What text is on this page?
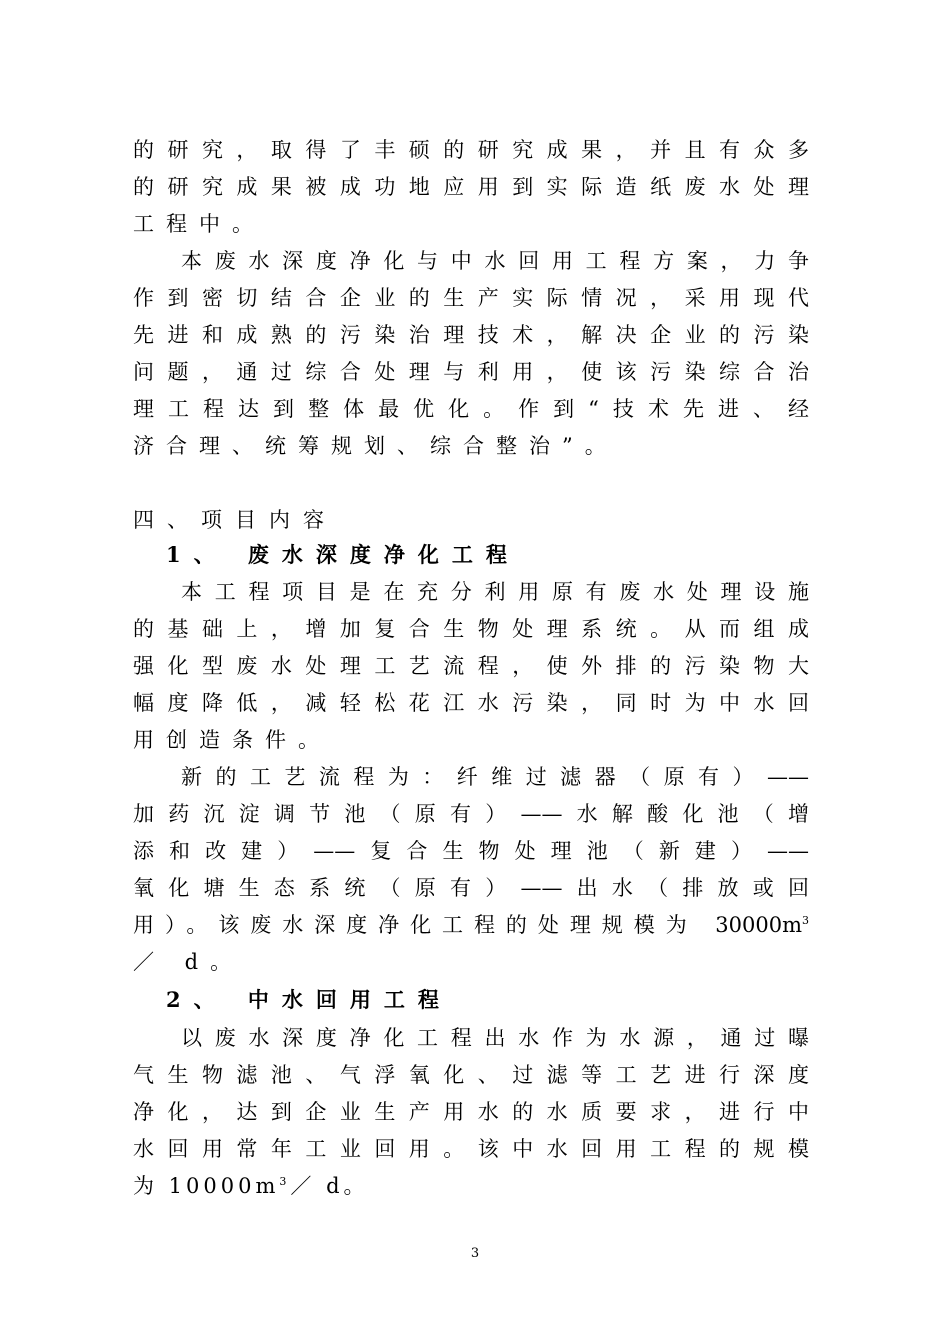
的研究，取得了丰硕的研究成果，并且有众多
的研究成果被成功地应用到实际造纸废水处理
工程中。
本废水深度净化与中水回用工程方案，力争
作到密切结合企业的生产实际情况，采用现代
先进和成熟的污染治理技术，解决企业的污染
问题，通过综合处理与利用，使该污染综合治
理工程达到整体最优化。作到“技术先进、经
济合理、统筹规划、综合整治”。
四、项目内容
1、 废水深度净化工程
本工程项目是在充分利用原有废水处理设施
的基础上，增加复合生物处理系统。从而组成
强化型废水处理工艺流程，使外排的污染物大
幅度降低，减轻松花江水污染，同时为中水回
用创造条件。
新的工艺流程为：纤维过滤器（原有）——
加药沉淀调节池（原有）——水解酸化池（增
添和改建）——复合生物处理池（新建）——
氧化塘生态系统（原有）——出水（排放或回
用）。该废水深度净化工程的处理规模为 $30000m^3$
／ d。
2、 中水回用工程
以废水深度净化工程出水作为水源，通过曝
气生物滤池、气浮氧化、过滤等工艺进行深度
净化，达到企业生产用水的水质要求，进行中
水回用常年工业回用。该中水回用工程的规模
为 $10000m^3/$ d。
3
